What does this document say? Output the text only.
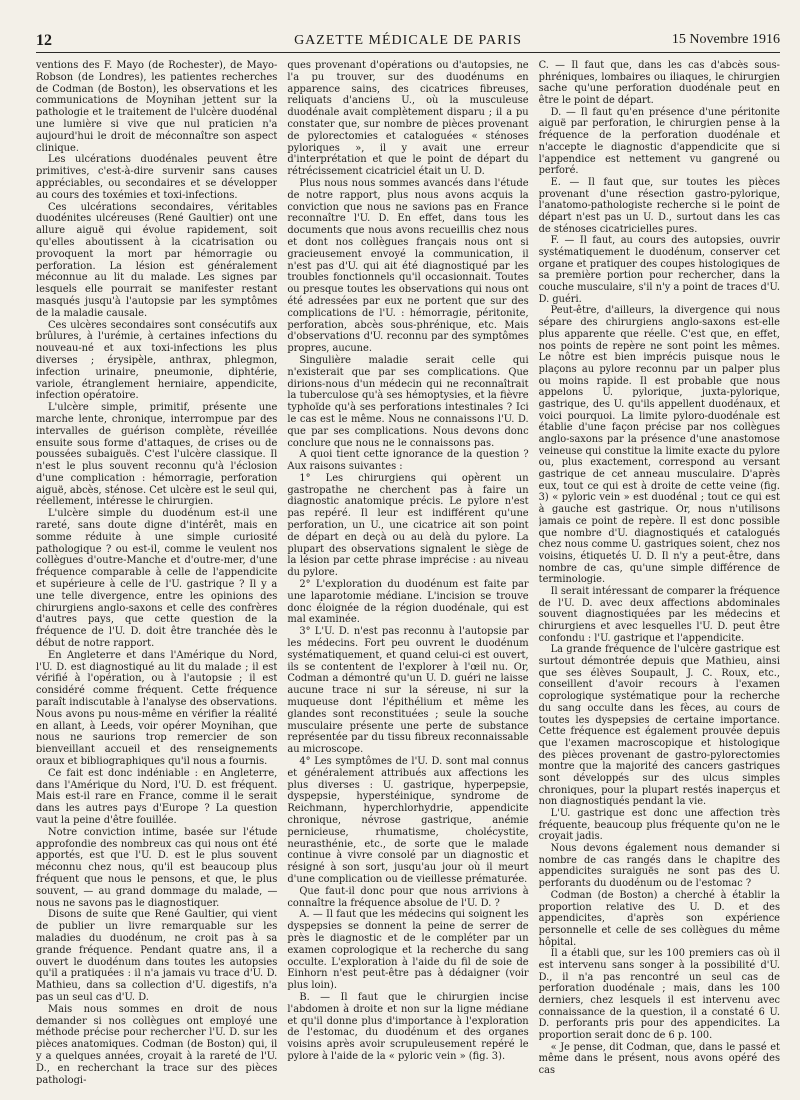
12	GAZETTE MÉDICALE DE PARIS	15 Novembre 1916

ventions des F. Mayo (de Rochester), de Mayo-Robson (de Londres), les patientes recherches de Codman (de Boston), les observations et les communications de Moynihan jettent sur la pathologie et le traitement de l'ulcère duodénal une lumière si vive que nul praticien n'a aujourd'hui le droit de méconnaître son aspect clinique.

Les ulcérations duodénales peuvent être primitives, c'est-à-dire survenir sans causes appréciables, ou secondaires et se développer au cours des toxémies et toxi-infections.

Ces ulcérations secondaires, véritables duodénites ulcéreuses (René Gaultier) ont une allure aiguë qui évolue rapidement, soit qu'elles aboutissent à la cicatrisation ou provoquent la mort par hémorragie ou perforation. La lésion est généralement méconnue au lit du malade. Les signes par lesquels elle pourrait se manifester restant masqués jusqu'à l'autopsie par les symptômes de la maladie causale.

Ces ulcères secondaires sont consécutifs aux brûlures, à l'urémie, à certaines infections du nouveau-né et aux toxi-infections les plus diverses ; érysipèle, anthrax, phlegmon, infection urinaire, pneumonie, diphtérie, variole, étranglement herniaire, appendicite, infection opératoire.

L'ulcère simple, primitif, présente une marche lente, chronique, interrompue par des intervalles de guérison complète, réveillée ensuite sous forme d'attaques, de crises ou de poussées subaiguës. C'est l'ulcère classique. Il n'est le plus souvent reconnu qu'à l'éclosion d'une complication : hémorragie, perforation aiguë, abcès, sténose. Cet ulcère est le seul qui, réellement, intéresse le chirurgien.

L'ulcère simple du duodénum est-il une rareté, sans doute digne d'intérêt, mais en somme réduite à une simple curiosité pathologique ? ou est-il, comme le veulent nos collègues d'outre-Manche et d'outre-mer, d'une fréquence comparable à celle de l'appendicite et supérieure à celle de l'U. gastrique ? Il y a une telle divergence, entre les opinions des chirurgiens anglo-saxons et celle des confrères d'autres pays, que cette question de la fréquence de l'U. D. doit être tranchée dès le début de notre rapport.

En Angleterre et dans l'Amérique du Nord, l'U. D. est diagnostiqué au lit du malade ; il est vérifié à l'opération, ou à l'autopsie ; il est considéré comme fréquent. Cette fréquence paraît indiscutable à l'analyse des observations. Nous avons pu nous-même en vérifier la réalité en allant, à Leeds, voir opérer Moynihan, que nous ne saurions trop remercier de son bienveillant accueil et des renseignements oraux et bibliographiques qu'il nous a fournis.

Ce fait est donc indéniable : en Angleterre, dans l'Amérique du Nord, l'U. D. est fréquent. Mais est-il rare en France, comme il le serait dans les autres pays d'Europe ? La question vaut la peine d'être fouillée.

Notre conviction intime, basée sur l'étude approfondie des nombreux cas qui nous ont été apportés, est que l'U. D. est le plus souvent méconnu chez nous, qu'il est beaucoup plus fréquent que nous le pensons, et que, le plus souvent, — au grand dommage du malade, — nous ne savons pas le diagnostiquer.

Disons de suite que René Gaultier, qui vient de publier un livre remarquable sur les maladies du duodénum, ne croit pas à sa grande fréquence. Pendant quatre ans, il a ouvert le duodénum dans toutes les autopsies qu'il a pratiquées : il n'a jamais vu trace d'U. D. Mathieu, dans sa collection d'U. digestifs, n'a pas un seul cas d'U. D.

Mais nous sommes en droit de nous demander si nos collègues ont employé une méthode précise pour rechercher l'U. D. sur les pièces anatomiques. Codman (de Boston) qui, il y a quelques années, croyait à la rareté de l'U. D., en recherchant la trace sur des pièces pathologi-

ques provenant d'opérations ou d'autopsies, ne l'a pu trouver, sur des duodénums en apparence sains, des cicatrices fibreuses, reliquats d'anciens U., où la musculeuse duodénale avait complètement disparu ; il a pu constater que, sur nombre de pièces provenant de pylorectomies et cataloguées « sténoses pyloriques », il y avait une erreur d'interprétation et que le point de départ du rétrécissement cicatriciel était un U. D.

Plus nous nous sommes avancés dans l'étude de notre rapport, plus nous avons acquis la conviction que nous ne savions pas en France reconnaître l'U. D. En effet, dans tous les documents que nous avons recueillis chez nous et dont nos collègues français nous ont si gracieusement envoyé la communication, il n'est pas d'U. qui ait été diagnostiqué par les troubles fonctionnels qu'il occasionnait. Toutes ou presque toutes les observations qui nous ont été adressées par eux ne portent que sur des complications de l'U. : hémorragie, péritonite, perforation, abcès sous-phrénique, etc. Mais d'observations d'U. reconnu par des symptômes propres, aucune.

Singulière maladie serait celle qui n'existerait que par ses complications. Que dirions-nous d'un médecin qui ne reconnaîtrait la tuberculose qu'à ses hémoptysies, et la fièvre typhoïde qu'à ses perforations intestinales ? Ici le cas est le même. Nous ne connaissons l'U. D. que par ses complications. Nous devons donc conclure que nous ne le connaissons pas.

A quoi tient cette ignorance de la question ? Aux raisons suivantes :

1° Les chirurgiens qui opèrent un gastropathe ne cherchent pas à faire un diagnostic anatomique précis. Le pylore n'est pas repéré. Il leur est indifférent qu'une perforation, un U., une cicatrice ait son point de départ en deçà ou au delà du pylore. La plupart des observations signalent le siège de la lésion par cette phrase imprécise : au niveau du pylore.

2° L'exploration du duodénum est faite par une laparotomie médiane. L'incision se trouve donc éloignée de la région duodénale, qui est mal examinée.

3° L'U. D. n'est pas reconnu à l'autopsie par les médecins. Fort peu ouvrent le duodénum systématiquement, et quand celui-ci est ouvert, ils se contentent de l'explorer à l'œil nu. Or, Codman a démontré qu'un U. D. guéri ne laisse aucune trace ni sur la séreuse, ni sur la muqueuse dont l'épithélium et même les glandes sont reconstituées ; seule la souche musculaire présente une perte de substance représentée par du tissu fibreux reconnaissable au microscope.

4° Les symptômes de l'U. D. sont mal connus et généralement attribués aux affections les plus diverses : U. gastrique, hyperpepsie, dyspepsie, hyperstéinique, syndrome de Reichmann, hyperchlorhydrie, appendicite chronique, névrose gastrique, anémie pernicieuse, rhumatisme, cholécystite, neurasthénie, etc., de sorte que le malade continue à vivre consolé par un diagnostic et résigné à son sort, jusqu'au jour où il meurt d'une complication ou de vieillesse prématurée.

Que faut-il donc pour que nous arrivions à connaître la fréquence absolue de l'U. D. ?

A. — Il faut que les médecins qui soignent les dyspepsies se donnent la peine de serrer de près le diagnostic et de le compléter par un examen coprologique et la recherche du sang occulte. L'exploration à l'aide du fil de soie de Einhorn n'est peut-être pas à dédaigner (voir plus loin).

B. — Il faut que le chirurgien incise l'abdomen à droite et non sur la ligne médiane et qu'il donne plus d'importance à l'exploration de l'estomac, du duodénum et des organes voisins après avoir scrupuleusement repéré le pylore à l'aide de la « pyloric vein » (fig. 3).

C. — Il faut que, dans les cas d'abcès sous-phréniques, lombaires ou iliaques, le chirurgien sache qu'une perforation duodénale peut en être le point de départ.

D. — Il faut qu'en présence d'une péritonite aiguë par perforation, le chirurgien pense à la fréquence de la perforation duodénale et n'accepte le diagnostic d'appendicite que si l'appendice est nettement vu gangrené ou perforé.

E. — Il faut que, sur toutes les pièces provenant d'une résection gastro-pylorique, l'anatomo-pathologiste recherche si le point de départ n'est pas un U. D., surtout dans les cas de sténoses cicatricielles pures.

F. — Il faut, au cours des autopsies, ouvrir systématiquement le duodénum, conserver cet organe et pratiquer des coupes histologiques de sa première portion pour rechercher, dans la couche musculaire, s'il n'y a point de traces d'U. D. guéri.

Peut-être, d'ailleurs, la divergence qui nous sépare des chirurgiens anglo-saxons est-elle plus apparente que réelle. C'est que, en effet, nos points de repère ne sont point les mêmes. Le nôtre est bien imprécis puisque nous le plaçons au pylore reconnu par un palper plus ou moins rapide. Il est probable que nous appelons U. pylorique, juxta-pylorique, gastrique, des U. qu'ils appellent duodénaux, et voici pourquoi. La limite pyloro-duodénale est établie d'une façon précise par nos collègues anglo-saxons par la présence d'une anastomose veineuse qui constitue la limite exacte du pylore ou, plus exactement, correspond au versant gastrique de cet anneau musculaire. D'après eux, tout ce qui est à droite de cette veine (fig. 3) « pyloric vein » est duodénal ; tout ce qui est à gauche est gastrique. Or, nous n'utilisons jamais ce point de repère. Il est donc possible que nombre d'U. diagnostiqués et catalogués chez nous comme U. gastriques soient, chez nos voisins, étiquetés U. D. Il n'y a peut-être, dans nombre de cas, qu'une simple différence de terminologie.

Il serait intéressant de comparer la fréquence de l'U. D. avec deux affections abdominales souvent diagnostiquées par les médecins et chirurgiens et avec lesquelles l'U. D. peut être confondu : l'U. gastrique et l'appendicite.

La grande fréquence de l'ulcère gastrique est surtout démontrée depuis que Mathieu, ainsi que ses élèves Soupault, J. C. Roux, etc., conseillent d'avoir recours à l'examen coprologique systématique pour la recherche du sang occulte dans les fèces, au cours de toutes les dyspepsies de certaine importance. Cette fréquence est également prouvée depuis que l'examen macroscopique et histologique des pièces provenant de gastro-pylorectomies montre que la majorité des cancers gastriques sont développés sur des ulcus simples chroniques, pour la plupart restés inaperçus et non diagnostiqués pendant la vie.

L'U. gastrique est donc une affection très fréquente, beaucoup plus fréquente qu'on ne le croyait jadis.

Nous devons également nous demander si nombre de cas rangés dans le chapitre des appendicites suraiguës ne sont pas des U. perforants du duodénum ou de l'estomac ?

Codman (de Boston) a cherché à établir la proportion relative des U. D. et des appendicites, d'après son expérience personnelle et celle de ses collègues du même hôpital.

Il a établi que, sur les 100 premiers cas où il est intervenu sans songer à la possibilité d'U. D., il n'a pas rencontré un seul cas de perforation duodénale ; mais, dans les 100 derniers, chez lesquels il est intervenu avec connaissance de la question, il a constaté 6 U. D. perforants pris pour des appendicites. La proportion serait donc de 6 p. 100.

« Je pense, dit Codman, que, dans le passé et même dans le présent, nous avons opéré des cas
